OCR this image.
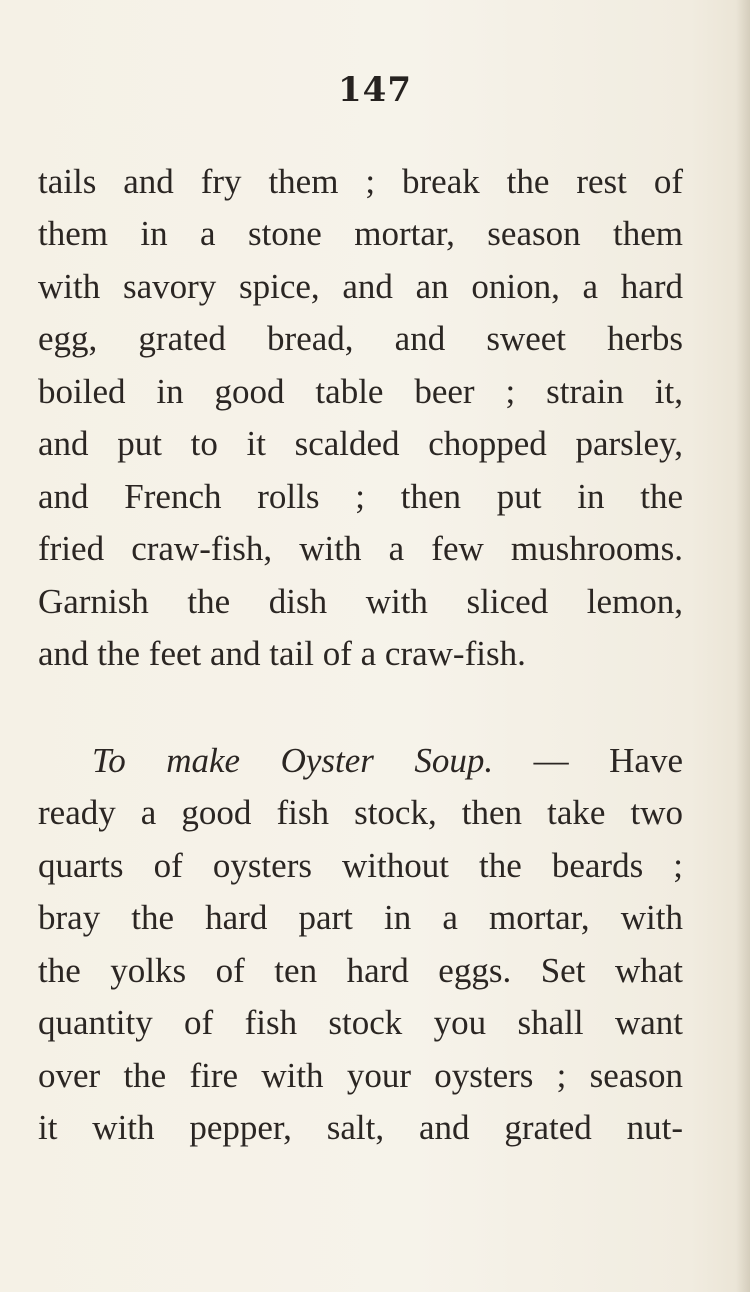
147
tails and fry them ; break the rest of
them in a stone mortar, season them
with savory spice, and an onion, a hard
egg, grated bread, and sweet herbs
boiled in good table beer ; strain it,
and put to it scalded chopped parsley,
and French rolls ; then put in the
fried craw-fish, with a few mushrooms.
Garnish the dish with sliced lemon,
and the feet and tail of a craw-fish.
To make Oyster Soup. — Have
ready a good fish stock, then take two
quarts of oysters without the beards ;
bray the hard part in a mortar, with
the yolks of ten hard eggs. Set what
quantity of fish stock you shall want
over the fire with your oysters ; season
it with pepper, salt, and grated nut-
